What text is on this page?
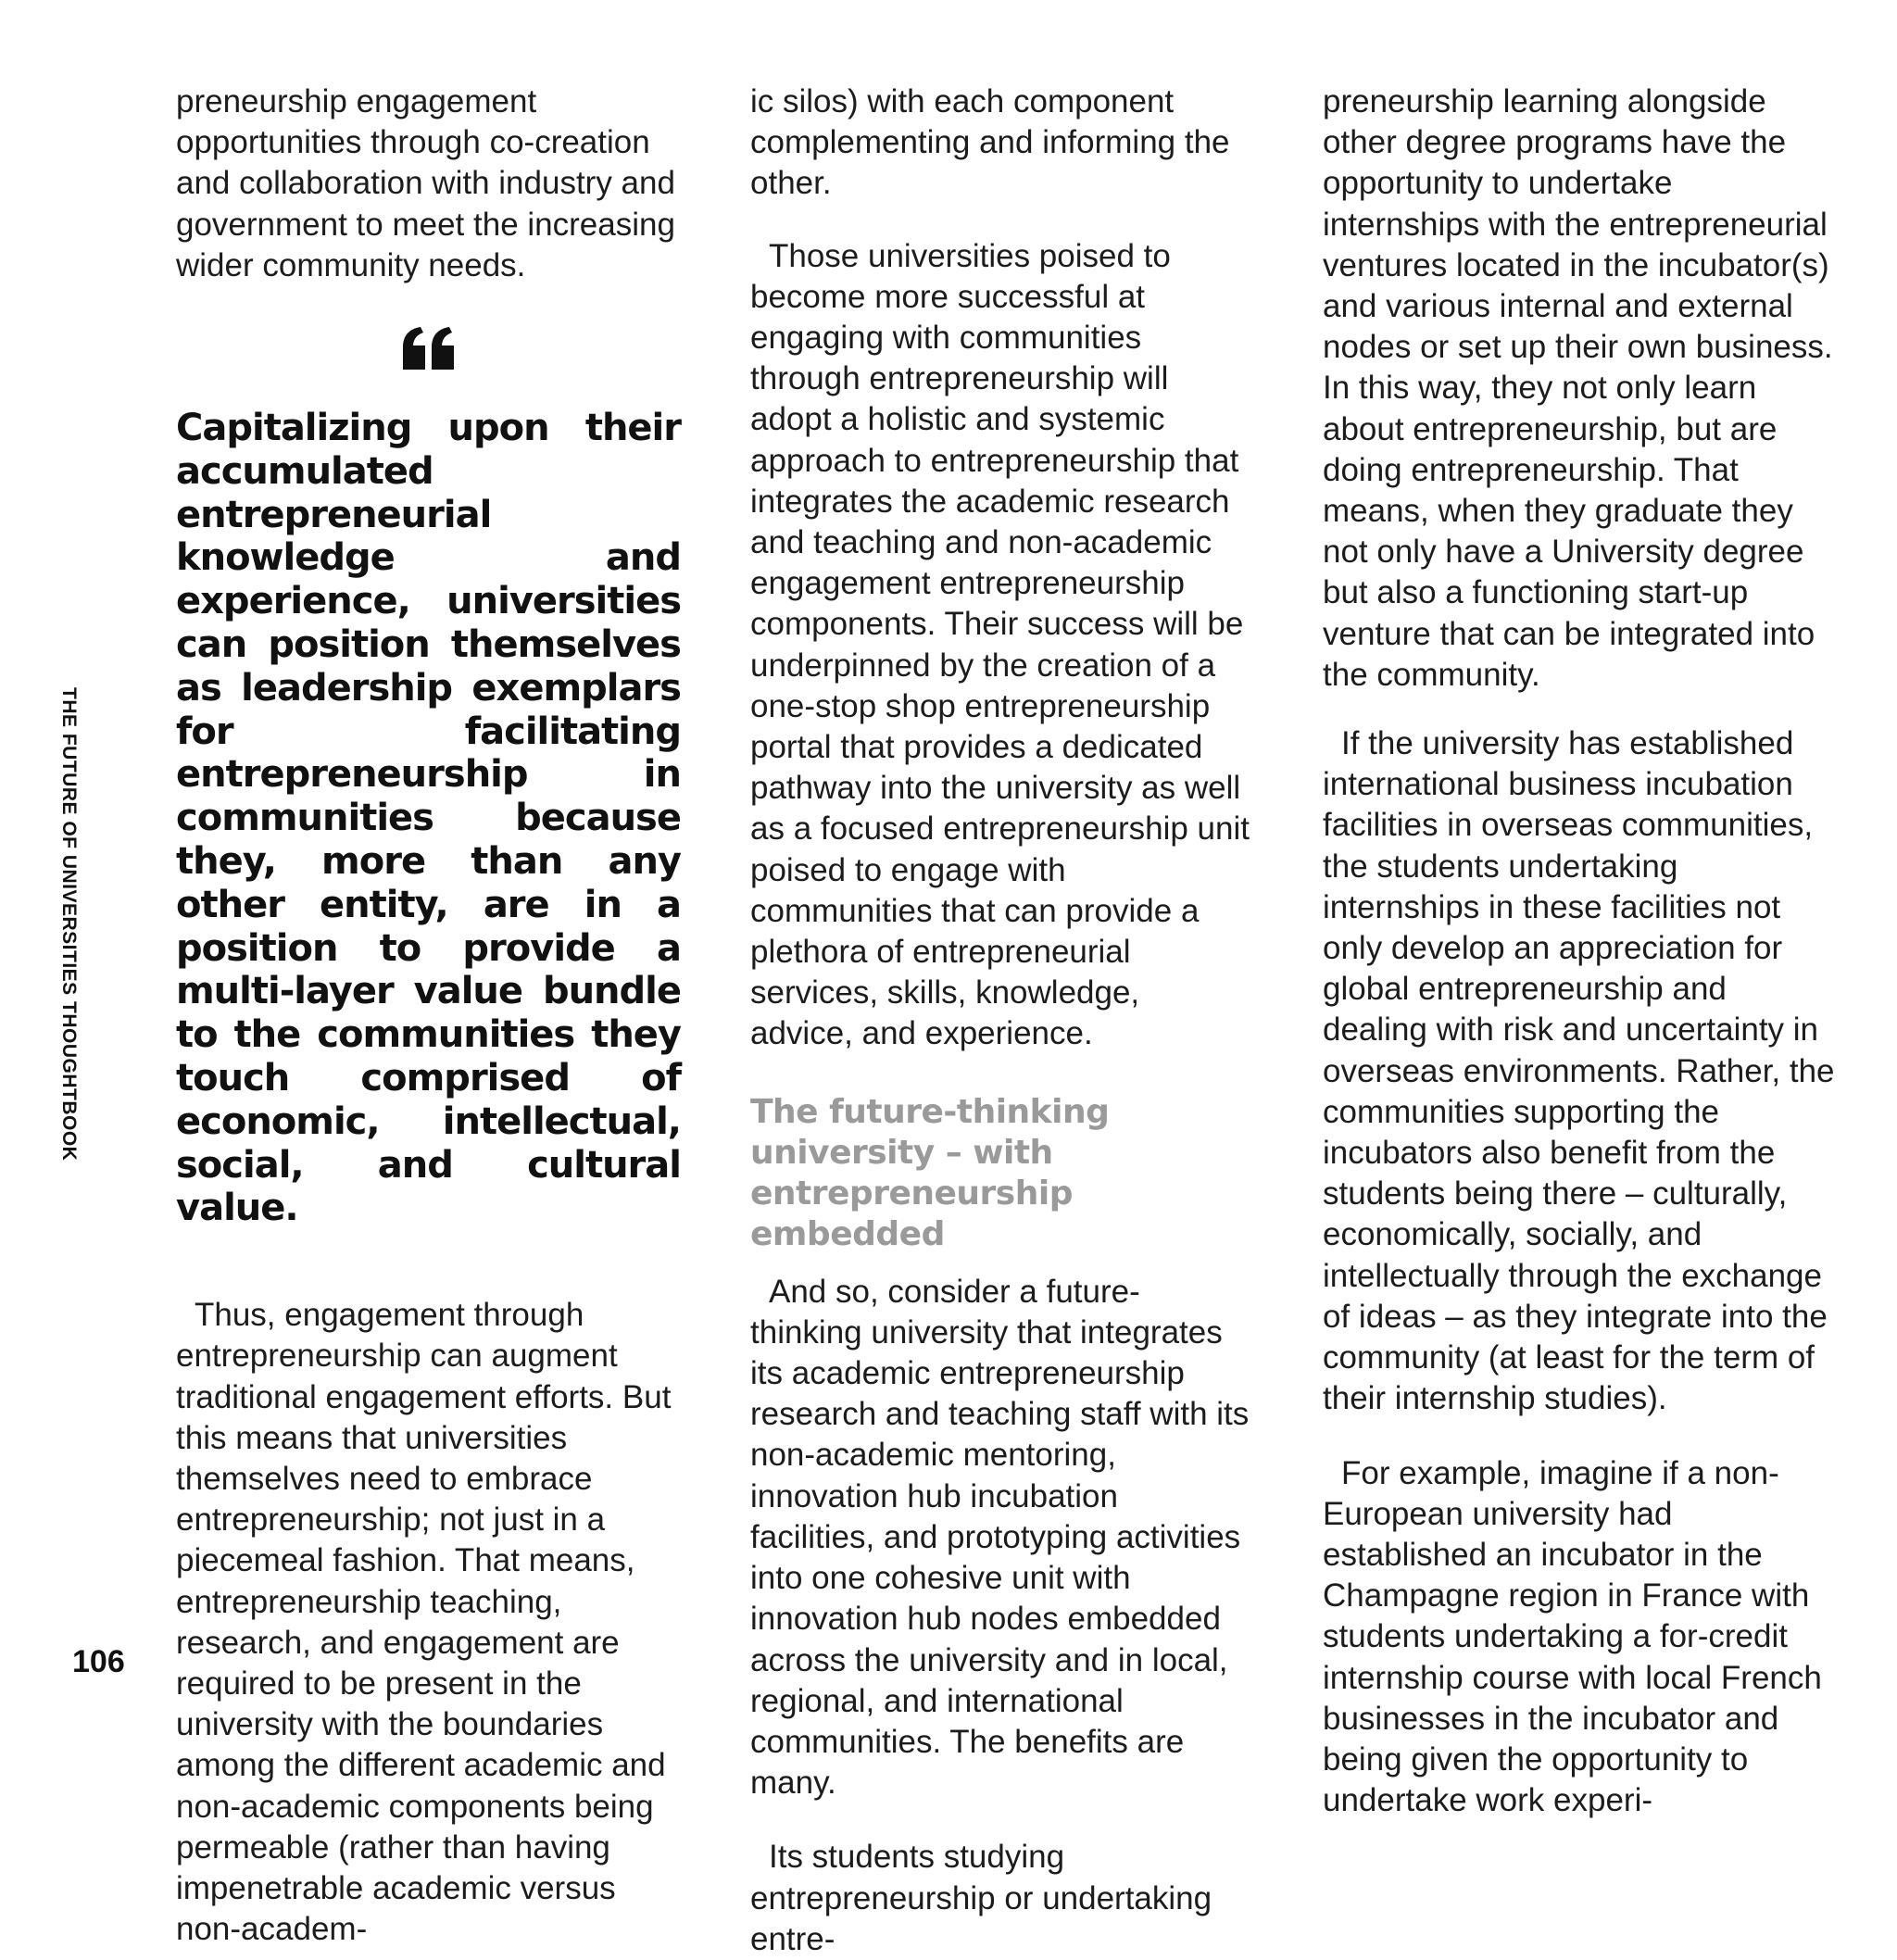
THE FUTURE OF UNIVERSITIES THOUGHTBOOK
106

preneurship engagement opportunities through co-creation and collaboration with industry and government to meet the increasing wider community needs.

Capitalizing upon their accumulated entrepreneurial knowledge and experience, universities can position themselves as leadership exemplars for facilitating entrepreneurship in communities because they, more than any other entity, are in a position to provide a multi-layer value bundle to the communities they touch comprised of economic, intellectual, social, and cultural value.

Thus, engagement through entrepreneurship can augment traditional engagement efforts. But this means that universities themselves need to embrace entrepreneurship; not just in a piecemeal fashion. That means, entrepreneurship teaching, research, and engagement are required to be present in the university with the boundaries among the different academic and non-academic components being permeable (rather than having impenetrable academic versus non-academ-

ic silos) with each component complementing and informing the other.

Those universities poised to become more successful at engaging with communities through entrepreneurship will adopt a holistic and systemic approach to entrepreneurship that integrates the academic research and teaching and non-academic engagement entrepreneurship components. Their success will be underpinned by the creation of a one-stop shop entrepreneurship portal that provides a dedicated pathway into the university as well as a focused entrepreneurship unit poised to engage with communities that can provide a plethora of entrepreneurial services, skills, knowledge, advice, and experience.

The future-thinking university – with entrepreneurship embedded

And so, consider a future-thinking university that integrates its academic entrepreneurship research and teaching staff with its non-academic mentoring, innovation hub incubation facilities, and prototyping activities into one cohesive unit with innovation hub nodes embedded across the university and in local, regional, and international communities. The benefits are many.

Its students studying entrepreneurship or undertaking entre-

preneurship learning alongside other degree programs have the opportunity to undertake internships with the entrepreneurial ventures located in the incubator(s) and various internal and external nodes or set up their own business. In this way, they not only learn about entrepreneurship, but are doing entrepreneurship. That means, when they graduate they not only have a University degree but also a functioning start-up venture that can be integrated into the community.

If the university has established international business incubation facilities in overseas communities, the students undertaking internships in these facilities not only develop an appreciation for global entrepreneurship and dealing with risk and uncertainty in overseas environments. Rather, the communities supporting the incubators also benefit from the students being there – culturally, economically, socially, and intellectually through the exchange of ideas – as they integrate into the community (at least for the term of their internship studies).

For example, imagine if a non-European university had established an incubator in the Champagne region in France with students undertaking a for-credit internship course with local French businesses in the incubator and being given the opportunity to undertake work experi-
